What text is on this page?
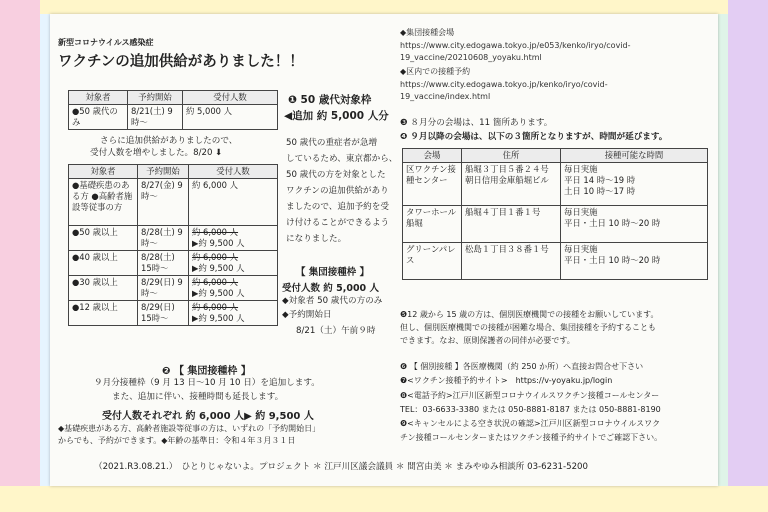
新型コロナウイルス感染症
ワクチンの追加供給がありました！！
対象者	予約開始	受付人数
●50 歳代のみ	8/21(土) 9時～	約 5,000 人
さらに追加供給がありましたので、
受付人数を増やしました。8/20 ⬇
対象者	予約開始	受付人数
●基礎疾患のある方 ●高齢者施設等従事の方	8/27(金) 9時～	約 6,000 人

●50 歳以上	8/28(土) 9時～	約 6,000 人
▶約 9,500 人

●40 歳以上	8/28(土) 15時～	約 6,000 人
▶約 9,500 人

●30 歳以上	8/29(日) 9時～	約 6,000 人
▶約 9,500 人

●12 歳以上	8/29(日) 15時～	約 6,000 人
▶約 9,500 人
❶ 50 歳代対象枠
◀追加 約 5,000 人分
50 歳代の重症者が急増
しているため、東京都から、
50 歳代の方を対象とした
ワクチンの追加供給があり
ましたので、追加予約を受
け付けることができるよう
になりました。
【 集団接種枠 】
受付人数 約 5,000 人
◆対象者 50 歳代の方のみ
◆予約開始日
8/21（土）午前９時
❷ 【 集団接種枠 】
９月分接種枠（9 月 13 日～10 月 10 日）を追加します。
また、追加に伴い、接種時間も延長します。
受付人数それぞれ 約 6,000 人▶ 約 9,500 人
◆基礎疾患がある方、高齢者施設等従事の方は、いずれの「予約開始日」
からでも、予約ができます。◆年齢の基準日：令和４年３月３１日
◆集団接種会場
https://www.city.edogawa.tokyo.jp/e053/kenko/iryo/covid-
19_vaccine/20210608_yoyaku.html
◆区内での接種予約
https://www.city.edogawa.tokyo.jp/kenko/iryo/covid-
19_vaccine/index.html
❸ ８月分の会場は、11 箇所あります。
❹ ９月以降の会場は、以下の３箇所となりますが、時間が延びます。
会場	住所	接種可能な時間
区ワクチン接種センター	船堀３丁目５番２４号 朝日信用金庫船堀ビル	毎日実施
平日 14 時～19 時
土日 10 時～17 時

タワーホール船堀	船堀４丁目１番１号	毎日実施
平日・土日 10 時～20 時

グリーンパレス	松島１丁目３８番１号	毎日実施
平日・土日 10 時～20 時
❺12 歳から 15 歳の方は、個別医療機関での接種をお願いしています。
但し、個別医療機関での接種が困難な場合、集団接種を予約することも
できます。なお、原則保護者の同伴が必要です。
❻ 【 個別接種 】各医療機関（約 250 か所）へ直接お問合せ下さい
❼<ワクチン接種予約サイト>　https://v-yoyaku.jp/login
❽<電話予約>江戸川区新型コロナウイルスワクチン接種コールセンター
TEL：03-6633-3380 または 050-8881-8187 または 050-8881-8190
❾<キャンセルによる空き状況の確認>江戸川区新型コロナウイルスワク
チン接種コールセンターまたはワクチン接種予約サイトでご確認下さい。
（2021.R3.08.21.）　ひとりじゃないよ。プロジェクト ＊ 江戸川区議会議員 ＊ 間宮由美 ＊ まみやゆみ相談所 03-6231-5200
